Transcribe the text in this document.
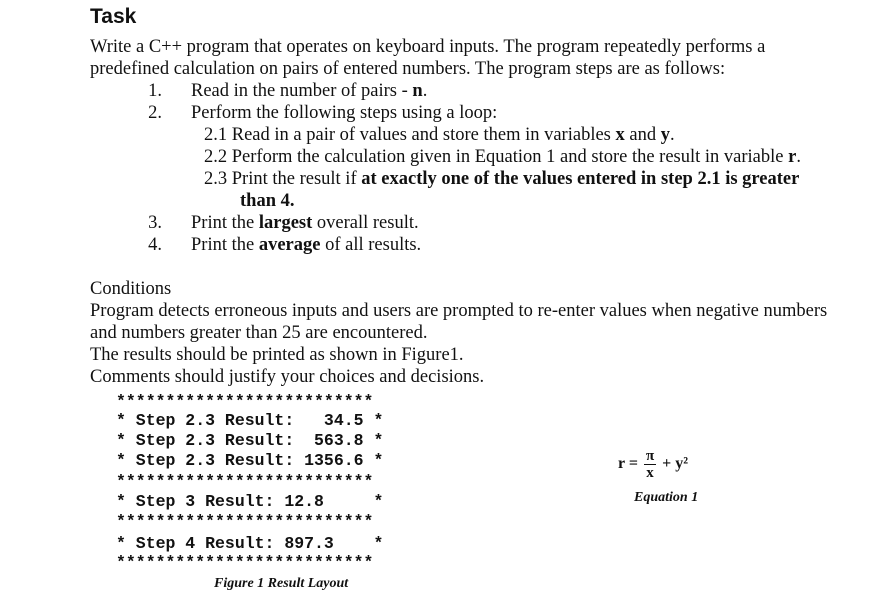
Task
Write a C++ program that operates on keyboard inputs. The program repeatedly performs a
predefined calculation on pairs of entered numbers. The program steps are as follows:
1. Read in the number of pairs - n.
2. Perform the following steps using a loop:
2.1 Read in a pair of values and store them in variables x and y.
2.2 Perform the calculation given in Equation 1 and store the result in variable r.
2.3 Print the result if at exactly one of the values entered in step 2.1 is greater
than 4.
3. Print the largest overall result.
4. Print the average of all results.
Conditions
Program detects erroneous inputs and users are prompted to re-enter values when negative numbers
and numbers greater than 25 are encountered.
The results should be printed as shown in Figure1.
Comments should justify your choices and decisions.
**************************
* Step 2.3 Result:   34.5 *
* Step 2.3 Result:  563.8 *
* Step 2.3 Result: 1356.6 *
**************************
* Step 3 Result: 12.8     *
**************************
* Step 4 Result: 897.3    *
**************************
Figure 1 Result Layout
$r = \frac{\pi}{x} + y^2$
Equation 1
